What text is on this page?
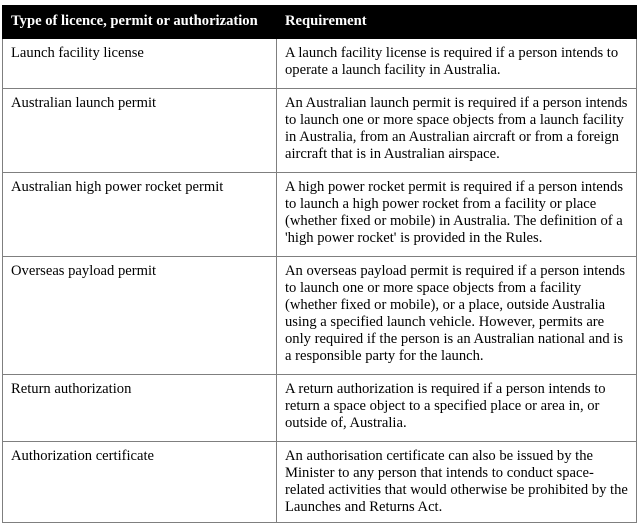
Type of licence, permit or authorization	Requirement
Launch facility license	A launch facility license is required if a person intends to operate a launch facility in Australia.
Australian launch permit	An Australian launch permit is required if a person intends to launch one or more space objects from a launch facility in Australia, from an Australian aircraft or from a foreign aircraft that is in Australian airspace.
Australian high power rocket permit	A high power rocket permit is required if a person intends to launch a high power rocket from a facility or place (whether fixed or mobile) in Australia. The definition of a 'high power rocket' is provided in the Rules.
Overseas payload permit	An overseas payload permit is required if a person intends to launch one or more space objects from a facility (whether fixed or mobile), or a place, outside Australia using a specified launch vehicle. However, permits are only required if the person is an Australian national and is a responsible party for the launch.
Return authorization	A return authorization is required if a person intends to return a space object to a specified place or area in, or outside of, Australia.
Authorization certificate	An authorisation certificate can also be issued by the Minister to any person that intends to conduct space-related activities that would otherwise be prohibited by the Launches and Returns Act.
